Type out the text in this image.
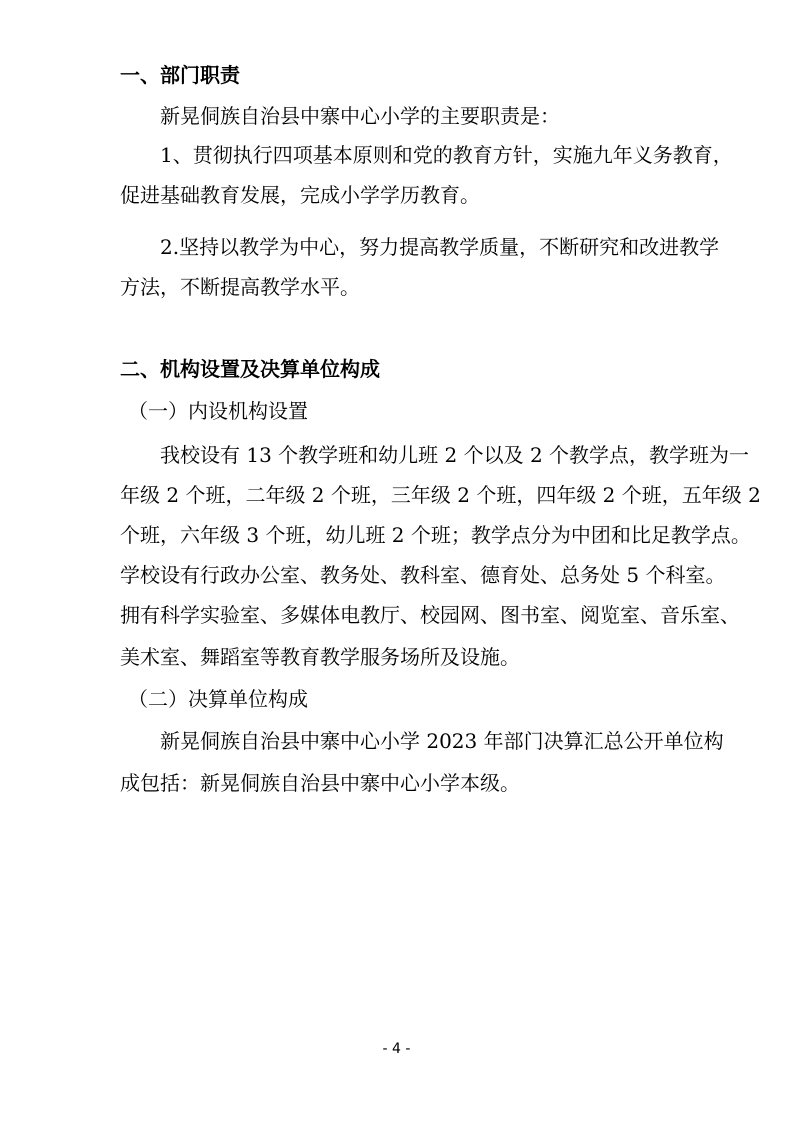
一、部门职责
新晃侗族自治县中寨中心小学的主要职责是：
1、贯彻执行四项基本原则和党的教育方针，实施九年义务教育，
促进基础教育发展，完成小学学历教育。
2.坚持以教学为中心，努力提高教学质量，不断研究和改进教学
方法，不断提高教学水平。
二、机构设置及决算单位构成
（一）内设机构设置
我校设有 13 个教学班和幼儿班 2 个以及 2 个教学点，教学班为一
年级 2 个班，二年级 2 个班，三年级 2 个班，四年级 2 个班，五年级 2
个班，六年级 3 个班，幼儿班 2 个班；教学点分为中团和比足教学点。
学校设有行政办公室、教务处、教科室、德育处、总务处 5 个科室。
拥有科学实验室、多媒体电教厅、校园网、图书室、阅览室、音乐室、
美术室、舞蹈室等教育教学服务场所及设施。
（二）决算单位构成
新晃侗族自治县中寨中心小学 2023 年部门决算汇总公开单位构
成包括：新晃侗族自治县中寨中心小学本级。
- 4 -
